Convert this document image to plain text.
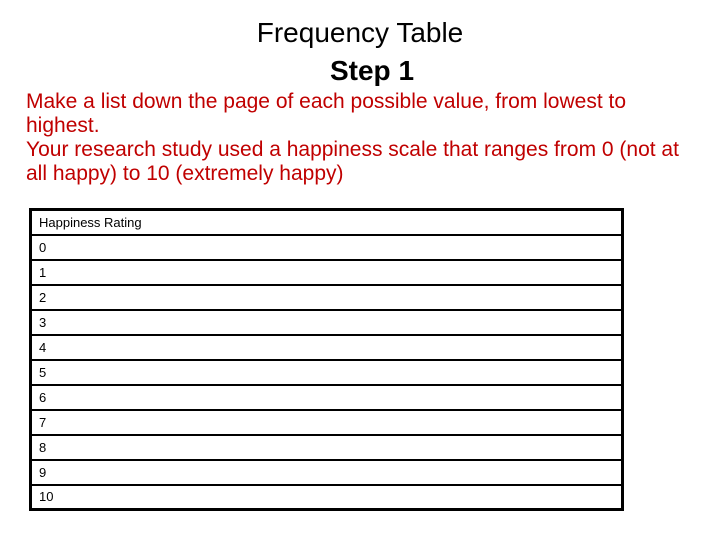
Frequency Table
Step 1

Make a list down the page of each possible value, from lowest to highest.

Your research study used a happiness scale that ranges from 0 (not at all happy) to 10 (extremely happy)

Happiness Rating
0
1
2
3
4
5
6
7
8
9
10
